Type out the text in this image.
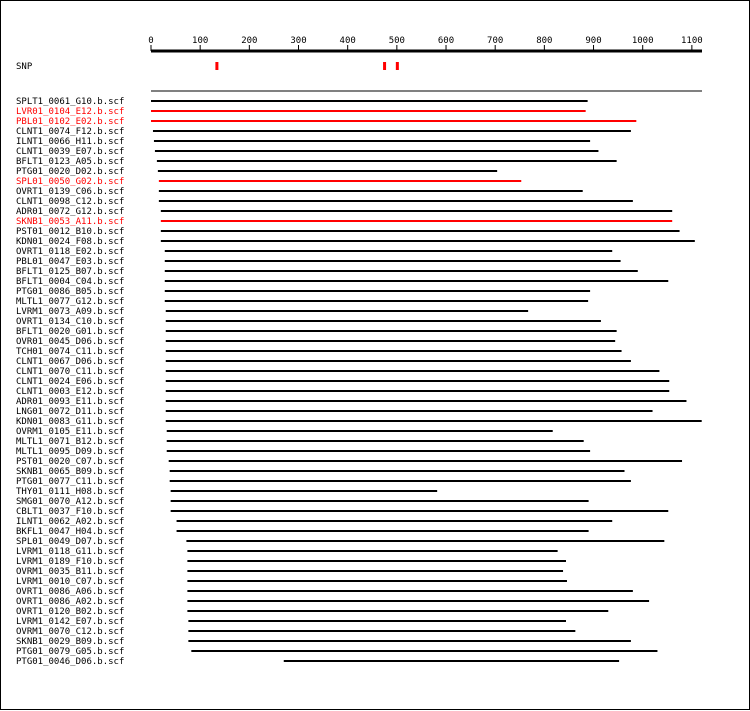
0	100	200	300	400	500	600	700	800	900	1000	1100
SNP
SPLT1_0061_G10.b.scf
LVR01_0104_E12.b.scf
PBL01_0102_E02.b.scf
CLNT1_0074_F12.b.scf
ILNT1_0066_H11.b.scf
CLNT1_0039_E07.b.scf
BFLT1_0123_A05.b.scf
PTG01_0020_D02.b.scf
SPL01_0050_G02.b.scf
OVRT1_0139_C06.b.scf
CLNT1_0098_C12.b.scf
ADR01_0072_G12.b.scf
SKNB1_0053_A11.b.scf
PST01_0012_B10.b.scf
KDN01_0024_F08.b.scf
OVRT1_0118_E02.b.scf
PBL01_0047_E03.b.scf
BFLT1_0125_B07.b.scf
BFLT1_0004_C04.b.scf
PTG01_0086_B05.b.scf
MLTL1_0077_G12.b.scf
LVRM1_0073_A09.b.scf
OVRT1_0134_C10.b.scf
BFLT1_0020_G01.b.scf
OVR01_0045_D06.b.scf
TCH01_0074_C11.b.scf
CLNT1_0067_D06.b.scf
CLNT1_0070_C11.b.scf
CLNT1_0024_E06.b.scf
CLNT1_0003_E12.b.scf
ADR01_0093_E11.b.scf
LNG01_0072_D11.b.scf
KDN01_0083_G11.b.scf
OVRM1_0105_E11.b.scf
MLTL1_0071_B12.b.scf
MLTL1_0095_D09.b.scf
PST01_0020_C07.b.scf
SKNB1_0065_B09.b.scf
PTG01_0077_C11.b.scf
THY01_0111_H08.b.scf
SMG01_0070_A12.b.scf
CBLT1_0037_F10.b.scf
ILNT1_0062_A02.b.scf
BKFL1_0047_H04.b.scf
SPL01_0049_D07.b.scf
LVRM1_0118_G11.b.scf
LVRM1_0189_F10.b.scf
OVRM1_0035_B11.b.scf
LVRM1_0010_C07.b.scf
OVRT1_0086_A06.b.scf
OVRT1_0086_A02.b.scf
OVRT1_0120_B02.b.scf
LVRM1_0142_E07.b.scf
OVRM1_0070_C12.b.scf
SKNB1_0029_B09.b.scf
PTG01_0079_G05.b.scf
PTG01_0046_D06.b.scf
